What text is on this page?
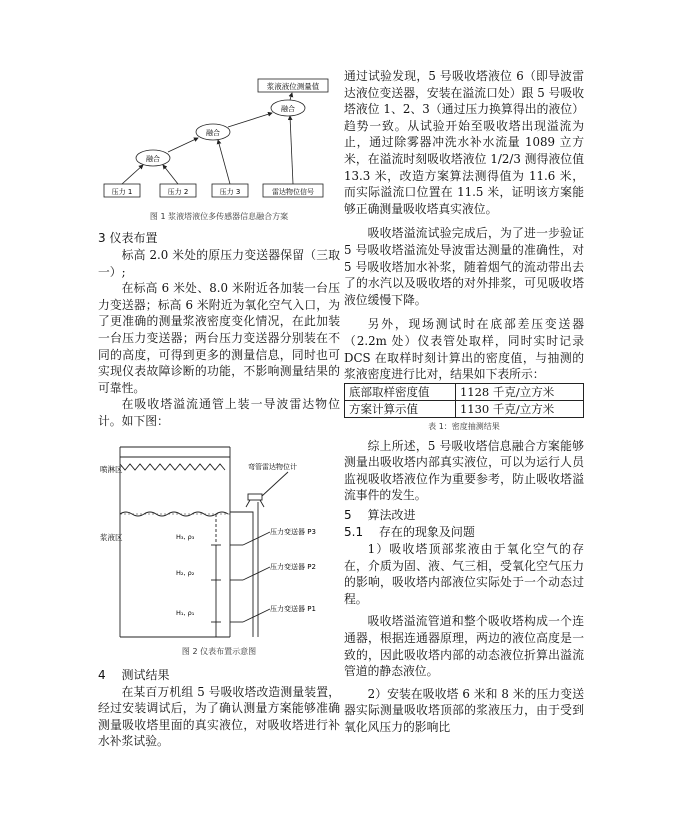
浆液液位测量值
融合
融合
融合
压力 1	压力 2	压力 3	雷达物位信号
图 1 浆液塔液位多传感器信息融合方案
3 仪表布置

标高 2.0 米处的原压力变送器保留（三取一）;

在标高 6 米处、8.0 米附近各加装一台压力变送器；标高 6 米附近为氧化空气入口，为了更准确的测量浆液密度变化情况，在此加装一台压力变送器；两台压力变送器分别装在不同的高度，可得到更多的测量信息，同时也可实现仪表故障诊断的功能，不影响测量结果的可靠性。

在吸收塔溢流通管上装一导波雷达物位计。如下图：

喷淋区
浆液区
弯管雷达物位计
压力变送器 P3
压力变送器 P2
压力变送器 P1
H₃, ρ₃
H₂, ρ₂
H₁, ρ₁
图 2 仪表布置示意图
4 　测试结果

在某百万机组 5 号吸收塔改造测量装置，经过安装调试后，为了确认测量方案能够准确测量吸收塔里面的真实液位，对吸收塔进行补水补浆试验。

通过试验发现，5 号吸收塔液位 6（即导波雷达液位变送器，安装在溢流口处）跟 5 号吸收塔液位 1、2、3（通过压力换算得出的液位）趋势一致。从试验开始至吸收塔出现溢流为止，通过除雾器冲洗水补水流量 1089 立方米，在溢流时刻吸收塔液位 1/2/3 测得液位值 13.3 米，改造方案算法测得值为 11.6 米，而实际溢流口位置在 11.5 米，证明该方案能够正确测量吸收塔真实液位。

吸收塔溢流试验完成后，为了进一步验证 5 号吸收塔溢流处导波雷达测量的准确性，对 5 号吸收塔加水补浆，随着烟气的流动带出去了的水汽以及吸收塔的对外排浆，可见吸收塔液位缓慢下降。

另外，现场测试时在底部差压变送器（2.2m 处）仪表管处取样，同时实时记录 DCS 在取样时刻计算出的密度值，与抽测的浆液密度进行比对，结果如下表所示：

底部取样密度值	1128 千克/立方米
方案计算示值	1130 千克/立方米
表 1：密度抽测结果

综上所述，5 号吸收塔信息融合方案能够测量出吸收塔内部真实液位，可以为运行人员监视吸收塔液位作为重要参考，防止吸收塔溢流事件的发生。

5 　算法改进
5.1 　存在的现象及问题

1）吸收塔顶部浆液由于氧化空气的存在，介质为固、液、气三相，受氧化空气压力的影响，吸收塔内部液位实际处于一个动态过程。

吸收塔溢流管道和整个吸收塔构成一个连通器，根据连通器原理，两边的液位高度是一致的，因此吸收塔内部的动态液位折算出溢流管道的静态液位。

2）安装在吸收塔 6 米和 8 米的压力变送器实际测量吸收塔顶部的浆液压力，由于受到氧化风压力的影响比
